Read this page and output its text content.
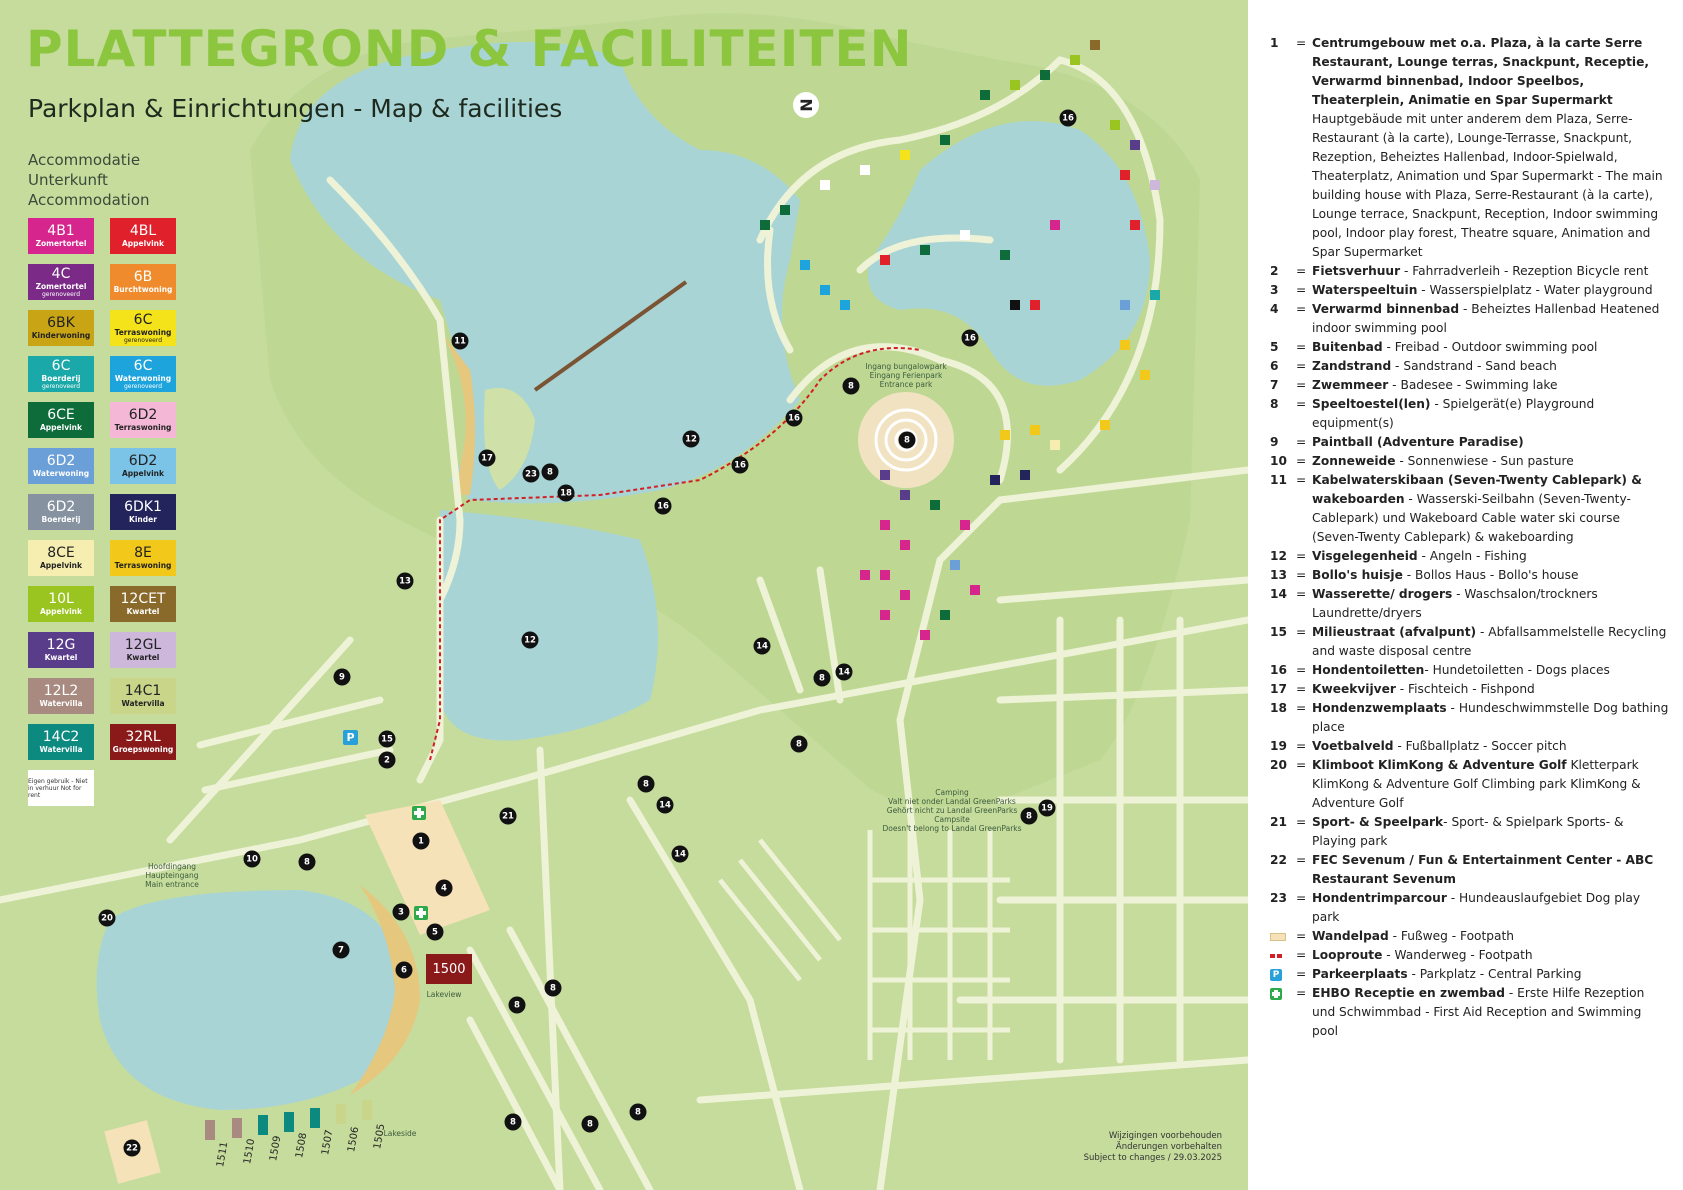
PLATTEGROND & FACILITEITEN
Parkplan & Einrichtungen - Map & facilities
Accommodatie
Unterkunft
Accommodation
4B1
Zomertortel
4BL
Appelvink
4C
Zomertortel
gerenoveerd
6B
Burchtwoning
6BK
Kinderwoning
6C
Terraswoning
gerenoveerd
6C
Boerderij
gerenoveerd
6C
Waterwoning
gerenoveerd
6CE
Appelvink
6D2
Terraswoning
6D2
Waterwoning
6D2
Appelvink
6D2
Boerderij
6DK1
Kinder
8CE
Appelvink
8E
Terraswoning
10L
Appelvink
12CET
Kwartel
12G
Kwartel
12GL
Kwartel
12L2
Watervilla
14C1
Watervilla
14C2
Watervilla
32RL
Groepswoning
Eigen gebruik - Niet in verhuur Not for rent
N
P
1500
Ingang bungalowpark
Eingang Ferienpark
Entrance park
Hoofdingang
Haupteingang
Main entrance
Camping
Valt niet onder Landal GreenParks
Gehört nicht zu Landal GreenParks
Campsite
Doesn't belong to Landal GreenParks
Lakeview
Lakeside
1511 1510 1509 1508 1507 1506 1505
1
2
3
4
5
6
7
8
8
8
8
8
8
8
8
8
8
8
8
8
9
10
11
12
12
13
14
14
14
14
15
16
16
16
16
16
17
18
19
20
21
22
23
Wijzigingen voorbehouden
Änderungen vorbehalten
Subject to changes / 29.03.2025
1	= Centrumgebouw met o.a. Plaza, à la carte Serre Restaurant, Lounge terras, Snackpunt, Receptie, Verwarmd binnenbad, Indoor Speelbos, Theaterplein, Animatie en Spar Supermarkt
Hauptgebäude mit unter anderem dem Plaza, Serre-Restaurant (à la carte), Lounge-Terrasse, Snackpunt, Rezeption, Beheiztes Hallenbad, Indoor-Spielwald, Theaterplatz, Animation und Spar Supermarkt - The main building house with Plaza, Serre-Restaurant (à la carte), Lounge terrace, Snackpunt, Reception, Indoor swimming pool, Indoor play forest, Theatre square, Animation and Spar Supermarket
2	= Fietsverhuur - Fahrradverleih - Rezeption Bicycle rent
3	= Waterspeeltuin - Wasserspielplatz - Water playground
4	= Verwarmd binnenbad - Beheiztes Hallenbad Heatened indoor swimming pool
5	= Buitenbad - Freibad - Outdoor swimming pool
6	= Zandstrand - Sandstrand - Sand beach
7	= Zwemmeer - Badesee - Swimming lake
8	= Speeltoestel(len) - Spielgerät(e) Playground equipment(s)
9	= Paintball (Adventure Paradise)
10 = Zonneweide - Sonnenwiese - Sun pasture
11 = Kabelwaterskibaan (Seven-Twenty Cablepark) & wakeboarden - Wasserski-Seilbahn (Seven-Twenty-Cablepark) und Wakeboard Cable water ski course (Seven-Twenty Cablepark) & wakeboarding
12 = Visgelegenheid - Angeln - Fishing
13 = Bollo's huisje - Bollos Haus - Bollo's house
14 = Wasserette/ drogers - Waschsalon/trockners Laundrette/dryers
15 = Milieustraat (afvalpunt) - Abfallsammelstelle Recycling and waste disposal centre
16 = Hondentoiletten- Hundetoiletten - Dogs places
17 = Kweekvijver - Fischteich - Fishpond
18 = Hondenzwemplaats - Hundeschwimmstelle Dog bathing place
19 = Voetbalveld - Fußballplatz - Soccer pitch
20 = Klimboot KlimKong & Adventure Golf Kletterpark KlimKong & Adventure Golf Climbing park KlimKong & Adventure Golf
21 = Sport- & Speelpark- Sport- & Spielpark Sports- & Playing park
22 = FEC Sevenum / Fun & Entertainment Center - ABC Restaurant Sevenum
23 = Hondentrimparcour - Hundeauslaufgebiet Dog play park
= Wandelpad - Fußweg - Footpath
= Looproute - Wanderweg - Footpath
P	= Parkeerplaats - Parkplatz - Central Parking
= EHBO Receptie en zwembad - Erste Hilfe Rezeption und Schwimmbad - First Aid Reception and Swimming pool
